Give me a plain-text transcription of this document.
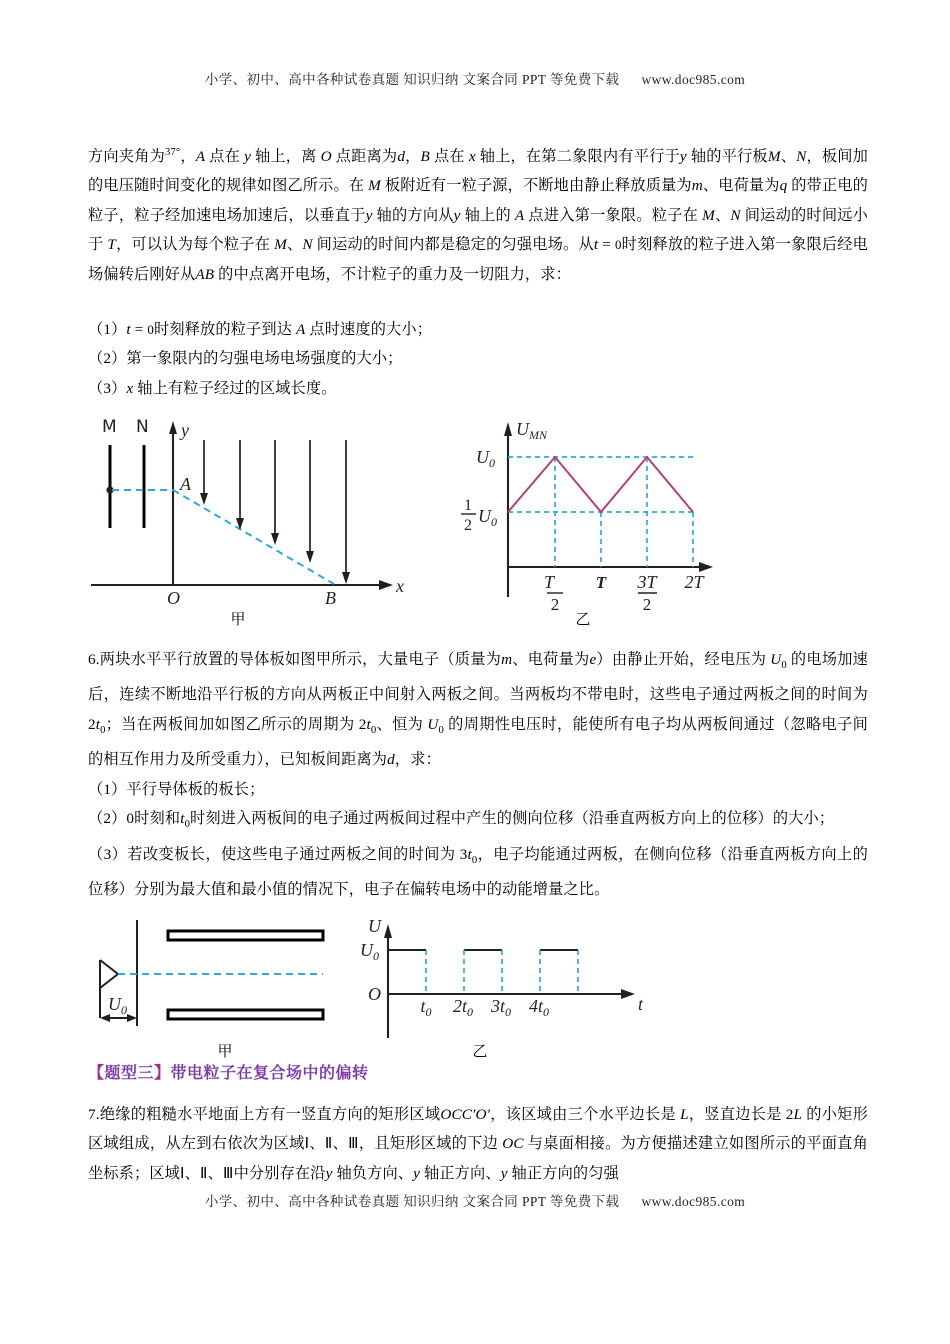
小学、初中、高中各种试卷真题 知识归纳 文案合同 PPT 等免费下载 www.doc985.com

方向夹角为$^{37^\circ}$，A 点在 y 轴上，离 O 点距离为d，B 点在 x 轴上，在第二象限内有平行于y 轴的平行板M、N，板间加的电压随时间变化的规律如图乙所示。在 M 板附近有一粒子源，不断地由静止释放质量为m、电荷量为q 的带正电的粒子，粒子经加速电场加速后，以垂直于y 轴的方向从y 轴上的 A 点进入第一象限。粒子在 M、N 间运动的时间远小于 T，可以认为每个粒子在 M、N 间运动的时间内都是稳定的匀强电场。从t = 0时刻释放的粒子进入第一象限后经电场偏转后刚好从AB 的中点离开电场，不计粒子的重力及一切阻力，求：

（1）t = 0时刻释放的粒子到达 A 点时速度的大小；

（2）第一象限内的匀强电场电场强度的大小；

（3）x 轴上有粒子经过的区域长度。

M N y
x
O	B
A
甲
$U_{MN}$
$U_0$
1
2 $U_0$
T
2
T 3T
2
2T
乙

6.两块水平平行放置的导体板如图甲所示，大量电子（质量为m、电荷量为e）由静止开始，经电压为 $U_0$ 的电场加速后，连续不断地沿平行板的方向从两板正中间射入两板之间。当两板均不带电时，这些电子通过两板之间的时间为 $2t_0$；当在两板间加如图乙所示的周期为 $2t_0$、恒为 $U_0$ 的周期性电压时，能使所有电子均从两板间通过（忽略电子间的相互作用力及所受重力），已知板间距离为d，求：

（1）平行导体板的板长；

（2）0时刻和$t_0$时刻进入两板间的电子通过两板间过程中产生的侧向位移（沿垂直两板方向上的位移）的大小；

（3）若改变板长，使这些电子通过两板之间的时间为 $3t_0$，电子均能通过两板，在侧向位移（沿垂直两板方向上的位移）分别为最大值和最小值的情况下，电子在偏转电场中的动能增量之比。

$U_0$
甲
U
t
O
$U_0$
$t_0$ $2t_0$ $3t_0$ $4t_0$
乙

【题型三】带电粒子在复合场中的偏转

7.绝缘的粗糙水平地面上方有一竖直方向的矩形区域OCC′O′，该区域由三个水平边长是 L，竖直边长是 2L 的小矩形区域组成，从左到右依次为区域Ⅰ、Ⅱ、Ⅲ，且矩形区域的下边 OC 与桌面相接。为方便描述建立如图所示的平面直角坐标系；区域Ⅰ、Ⅱ、Ⅲ中分别存在沿y 轴负方向、y 轴正方向、y 轴正方向的匀强

小学、初中、高中各种试卷真题 知识归纳 文案合同 PPT 等免费下载 www.doc985.com
